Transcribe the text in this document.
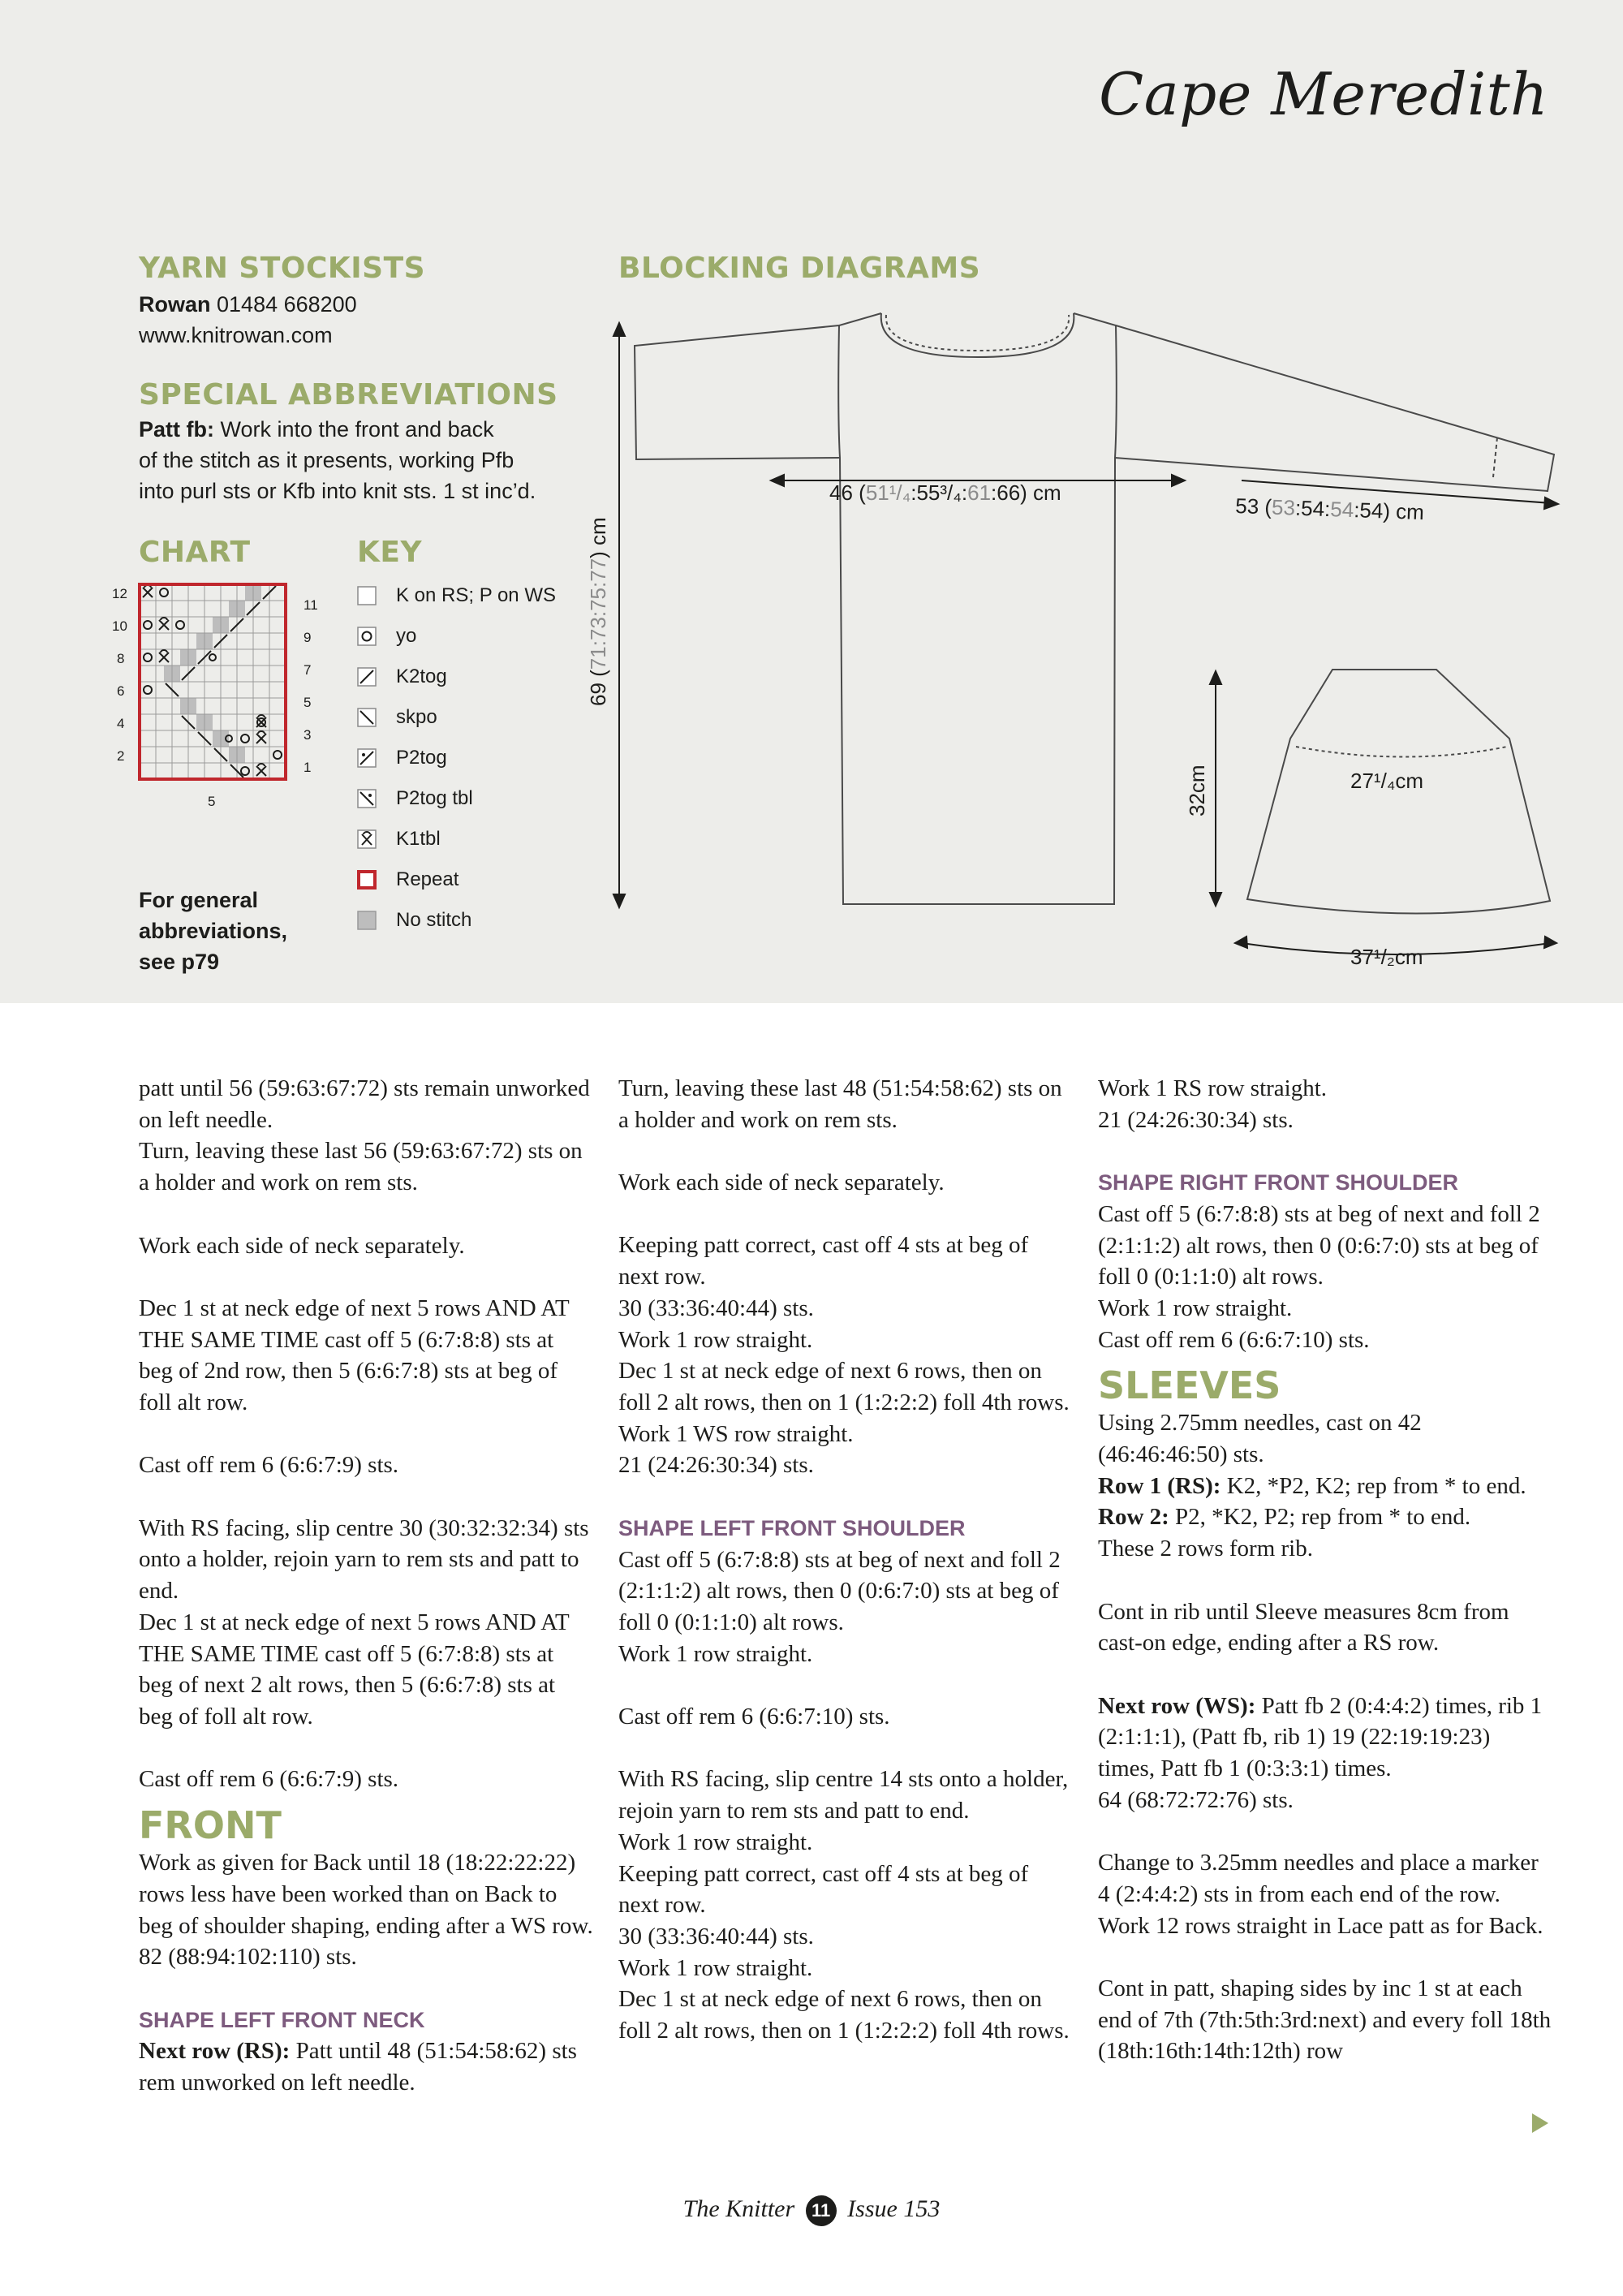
Cape Meredith
YARN STOCKISTS
Rowan 01484 668200
www.knitrowan.com
SPECIAL ABBREVIATIONS
Patt fb: Work into the front and back
of the stitch as it presents, working Pfb
into purl sts or Kfb into knit sts. 1 st inc’d.
CHART
12
10
8
6
4
2
11
9
7
5
3
1
5
KEY
K on RS; P on WS
yo
K2tog
skpo
P2tog
P2tog tbl
K1tbl
Repeat
No stitch
For general
abbreviations,
see p79
BLOCKING DIAGRAMS
46 (51¹/₄:55³/₄:61:66) cm
53 (53:54:54:54) cm
69 (71:73:75:77) cm
32cm	27¹/₄cm
37¹/₂cm

patt until 56 (59:63:67:72) sts remain unworked on left needle.

Turn, leaving these last 56 (59:63:67:72) sts on a holder and work on rem sts.

Work each side of neck separately.

Dec 1 st at neck edge of next 5 rows AND AT THE SAME TIME cast off 5 (6:7:8:8) sts at beg of 2nd row, then 5 (6:6:7:8) sts at beg of foll alt row.

Cast off rem 6 (6:6:7:9) sts.

With RS facing, slip centre 30 (30:32:32:34) sts onto a holder, rejoin yarn to rem sts and patt to end.

Dec 1 st at neck edge of next 5 rows AND AT THE SAME TIME cast off 5 (6:7:8:8) sts at beg of next 2 alt rows, then 5 (6:6:7:8) sts at beg of foll alt row.

Cast off rem 6 (6:6:7:9) sts.

FRONT

Work as given for Back until 18 (18:22:22:22) rows less have been worked than on Back to beg of shoulder shaping, ending after a WS row.

82 (88:94:102:110) sts.

SHAPE LEFT FRONT NECK

Next row (RS): Patt until 48 (51:54:58:62) sts rem unworked on left needle.

Turn, leaving these last 48 (51:54:58:62) sts on a holder and work on rem sts.

Work each side of neck separately.

Keeping patt correct, cast off 4 sts at beg of next row.

30 (33:36:40:44) sts.

Work 1 row straight.

Dec 1 st at neck edge of next 6 rows, then on foll 2 alt rows, then on 1 (1:2:2:2) foll 4th rows.

Work 1 WS row straight.

21 (24:26:30:34) sts.

SHAPE LEFT FRONT SHOULDER

Cast off 5 (6:7:8:8) sts at beg of next and foll 2 (2:1:1:2) alt rows, then 0 (0:6:7:0) sts at beg of foll 0 (0:1:1:0) alt rows.

Work 1 row straight.

Cast off rem 6 (6:6:7:10) sts.

With RS facing, slip centre 14 sts onto a holder, rejoin yarn to rem sts and patt to end.

Work 1 row straight.

Keeping patt correct, cast off 4 sts at beg of next row.

30 (33:36:40:44) sts.

Work 1 row straight.

Dec 1 st at neck edge of next 6 rows, then on foll 2 alt rows, then on 1 (1:2:2:2) foll 4th rows.

Work 1 RS row straight.

21 (24:26:30:34) sts.

SHAPE RIGHT FRONT SHOULDER

Cast off 5 (6:7:8:8) sts at beg of next and foll 2 (2:1:1:2) alt rows, then 0 (0:6:7:0) sts at beg of foll 0 (0:1:1:0) alt rows.

Work 1 row straight.

Cast off rem 6 (6:6:7:10) sts.

SLEEVES

Using 2.75mm needles, cast on 42 (46:46:46:50) sts.

Row 1 (RS): K2, *P2, K2; rep from * to end.

Row 2: P2, *K2, P2; rep from * to end.

These 2 rows form rib.

Cont in rib until Sleeve measures 8cm from cast-on edge, ending after a RS row.

Next row (WS): Patt fb 2 (0:4:4:2) times, rib 1 (2:1:1:1), (Patt fb, rib 1) 19 (22:19:19:23) times, Patt fb 1 (0:3:3:1) times.

64 (68:72:72:76) sts.

Change to 3.25mm needles and place a marker 4 (2:4:4:2) sts in from each end of the row.

Work 12 rows straight in Lace patt as for Back.

Cont in patt, shaping sides by inc 1 st at each end of 7th (7th:5th:3rd:next) and every foll 18th (18th:16th:14th:12th) row

The Knitter 11 Issue 153
